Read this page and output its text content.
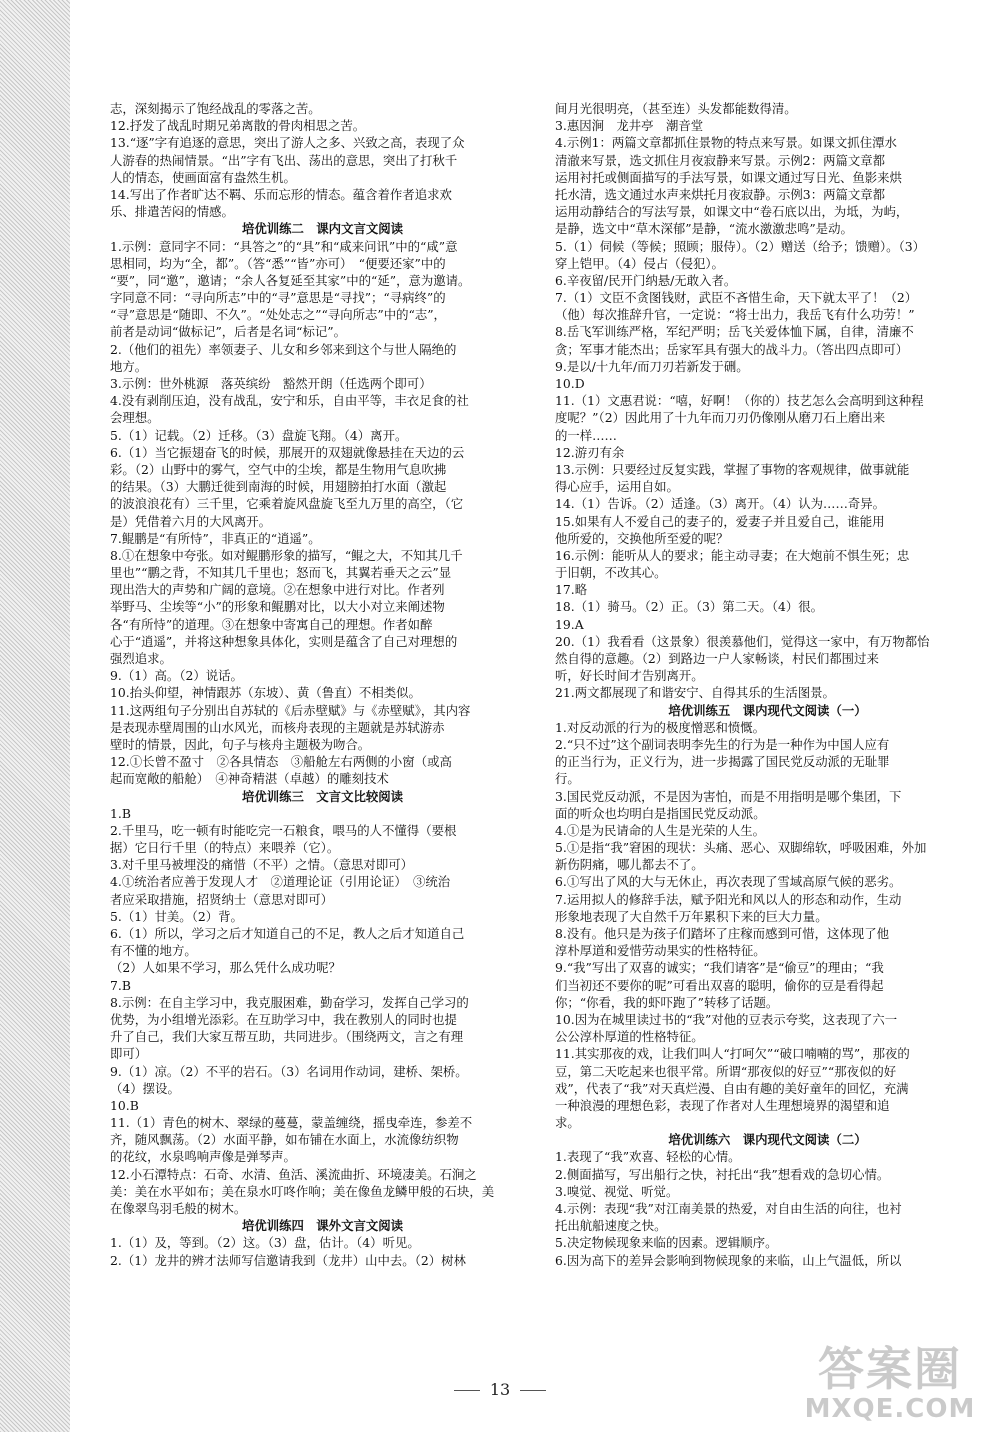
志，深刻揭示了饱经战乱的零落之苦。
12.抒发了战乱时期兄弟离散的骨肉相思之苦。
13.“逐”字有追逐的意思，突出了游人之多、兴致之高，表现了众
人游春的热闹情景。“出”字有飞出、荡出的意思，突出了打秋千
人的情态，使画面富有盎然生机。
14.写出了作者旷达不羁、乐而忘形的情态。蕴含着作者追求欢
乐、排遣苦闷的情感。
培优训练二　课内文言文阅读
1.示例：意同字不同：“具答之”的“具”和“咸来问讯”中的“咸”意
思相同，均为“全，都”。（答“悉”“皆”亦可）　“便要还家”中的
“要”，同“邀”，邀请；“余人各复延至其家”中的“延”，意为邀请。
字同意不同：“寻向所志”中的“寻”意思是“寻找”；“寻病终”的
“寻”意思是“随即、不久”。“处处志之”“寻向所志”中的“志”，
前者是动词“做标记”，后者是名词“标记”。
2.（他们的祖先）率领妻子、儿女和乡邻来到这个与世人隔绝的
地方。
3.示例：世外桃源　落英缤纷　豁然开朗（任选两个即可）
4.没有剥削压迫，没有战乱，安宁和乐，自由平等，丰衣足食的社
会理想。
5.（1）记载。（2）迁移。（3）盘旋飞翔。（4）离开。
6.（1）当它振翅奋飞的时候，那展开的双翅就像悬挂在天边的云
彩。（2）山野中的雾气，空气中的尘埃，都是生物用气息吹拂
的结果。（3）大鹏迁徙到南海的时候，用翅膀拍打水面（激起
的波浪浪花有）三千里，它乘着旋风盘旋飞至九万里的高空，（它
是）凭借着六月的大风离开。
7.鲲鹏是“有所恃”，非真正的“逍遥”。
8.①在想象中夸张。如对鲲鹏形象的描写，“鲲之大，不知其几千
里也”“鹏之背，不知其几千里也；怒而飞，其翼若垂天之云”显
现出浩大的声势和广阔的意境。②在想象中进行对比。作者列
举野马、尘埃等“小”的形象和鲲鹏对比，以大小对立来阐述物
各“有所恃”的道理。③在想象中寄寓自己的理想。作者如醉
心于“逍遥”，并将这种想象具体化，实则是蕴含了自己对理想的
强烈追求。
9.（1）高。（2）说话。
10.抬头仰望，神情跟苏（东坡）、黄（鲁直）不相类似。
11.这两组句子分别出自苏轼的《后赤壁赋》与《赤壁赋》，其内容
是表现赤壁周围的山水风光，而核舟表现的主题就是苏轼游赤
壁时的情景，因此，句子与核舟主题极为吻合。
12.①长曾不盈寸　②各具情态　③船舱左右两侧的小窗（或高
起而宽敞的船舱）　④神奇精湛（卓越）的雕刻技术
培优训练三　文言文比较阅读
1.B
2.千里马，吃一顿有时能吃完一石粮食，喂马的人不懂得（要根
据）它日行千里（的特点）来喂养（它）。
3.对千里马被埋没的痛惜（不平）之情。（意思对即可）
4.①统治者应善于发现人才　②道理论证（引用论证）　③统治
者应采取措施，招贤纳士（意思对即可）
5.（1）甘美。（2）背。
6.（1）所以，学习之后才知道自己的不足，教人之后才知道自己
有不懂的地方。
（2）人如果不学习，那么凭什么成功呢？
7.B
8.示例：在自主学习中，我克服困难，勤奋学习，发挥自己学习的
优势，为小组增光添彩。在互助学习中，我在教别人的同时也提
升了自己，我们大家互帮互助，共同进步。（围绕两文，言之有理
即可）
9.（1）凉。（2）不平的岩石。（3）名词用作动词，建桥、架桥。
（4）摆设。
10.B
11.（1）青色的树木、翠绿的蔓蔓，蒙盖缠绕，摇曳牵连，参差不
齐，随风飘荡。（2）水面平静，如布铺在水面上，水流像纺织物
的花纹，水泉鸣响声像是弹琴声。
12.小石潭特点：石奇、水清、鱼活、溪流曲折、环境凄美。石涧之
美：美在水平如布；美在泉水叮咚作响；美在像鱼龙鳞甲般的石块，美
在像翠鸟羽毛般的树木。
培优训练四　课外文言文阅读
1.（1）及，等到。（2）这。（3）盘，估计。（4）听见。
2.（1）龙井的辨才法师写信邀请我到（龙井）山中去。（2）树林
间月光很明亮，（甚至连）头发都能数得清。
3.惠因涧　龙井亭　潮音堂
4.示例1：两篇文章都抓住景物的特点来写景。如课文抓住潭水
清澈来写景，选文抓住月夜寂静来写景。示例2：两篇文章都
运用衬托或侧面描写的手法写景，如课文通过写日光、鱼影来烘
托水清，选文通过水声来烘托月夜寂静。示例3：两篇文章都
运用动静结合的写法写景，如课文中“卷石底以出，为坻，为屿，
是静，选文中“草木深郁”是静，“流水激激悲鸣”是动。
5.（1）伺候（等候；照顾；服侍）。（2）赠送（给予；馈赠）。（3）
穿上铠甲。（4）侵占（侵犯）。
6.辛夜留/民开门纳悬/无敢入者。
7.（1）文臣不贪图钱财，武臣不吝惜生命，天下就太平了！（2）
（他）每次推辞升官，一定说：“将士出力，我岳飞有什么功劳！”
8.岳飞军训练严格，军纪严明；岳飞关爱体恤下属，自律，清廉不
贪；军事才能杰出；岳家军具有强大的战斗力。（答出四点即可）
9.是以/十九年/而刀刃若新发于硎。
10.D
11.（1）文惠君说：“嘻，好啊！（你的）技艺怎么会高明到这种程
度呢？”（2）因此用了十九年而刀刃仍像刚从磨刀石上磨出来
的一样……
12.游刃有余
13.示例：只要经过反复实践，掌握了事物的客观规律，做事就能
得心应手，运用自如。
14.（1）告诉。（2）适逢。（3）离开。（4）认为……奇异。
15.如果有人不爱自己的妻子的，爱妻子并且爱自己，谁能用
他所爱的，交换他所至爱的呢？
16.示例：能听从人的要求；能主动寻妻；在大炮前不惧生死；忠
于旧朝，不改其心。
17.略
18.（1）骑马。（2）正。（3）第二天。（4）很。
19.A
20.（1）我看看（这景象）很羡慕他们，觉得这一家中，有万物都怡
然自得的意趣。（2）到路边一户人家畅谈，村民们都围过来
听，好长时间才告别离开。
21.两文都展现了和谐安宁、自得其乐的生活图景。
培优训练五　课内现代文阅读（一）
1.对反动派的行为的极度憎恶和愤慨。
2.“只不过”这个副词表明李先生的行为是一种作为中国人应有
的正当行为，正义行为，进一步揭露了国民党反动派的无耻罪
行。
3.国民党反动派，不是因为害怕，而是不用指明是哪个集团，下
面的听众也均明白是指国民党反动派。
4.①是为民请命的人生是光荣的人生。
5.①是指“我”窘困的现状：头痛、恶心、双脚绵软，呼吸困难，外加
新伤阴痛，哪儿都去不了。
6.①写出了风的大与无休止，再次表现了雪域高原气候的恶劣。
7.运用拟人的修辞手法，赋予阳光和风以人的形态和动作，生动
形象地表现了大自然千万年累积下来的巨大力量。
8.没有。他只是为孩子们踏坏了庄稼而感到可惜，这体现了他
淳朴厚道和爱惜劳动果实的性格特征。
9.“我”写出了双喜的诚实；“我们请客”是“偷豆”的理由；“我
们当初还不要你的呢”可看出双喜的聪明，偷你的豆是看得起
你；“你看，我的虾吓跑了”转移了话题。
10.因为在城里读过书的“我”对他的豆表示夸奖，这表现了六一
公公淳朴厚道的性格特征。
11.其实那夜的戏，让我们叫人“打呵欠”“破口喃喃的骂”，那夜的
豆，第二天吃起来也很平常。所谓“那夜似的好豆”“那夜似的好
戏”，代表了“我”对天真烂漫、自由有趣的美好童年的回忆，充满
一种浪漫的理想色彩，表现了作者对人生理想境界的渴望和追
求。
培优训练六　课内现代文阅读（二）
1.表现了“我”欢喜、轻松的心情。
2.侧面描写，写出船行之快，衬托出“我”想看戏的急切心情。
3.嗅觉、视觉、听觉。
4.示例：表现“我”对江南美景的热爱，对自由生活的向往，也衬
托出航船速度之快。
5.决定物候现象来临的因素。逻辑顺序。
6.因为高下的差异会影响到物候现象的来临，山上气温低，所以
13	答案圈
MXQE.COM
